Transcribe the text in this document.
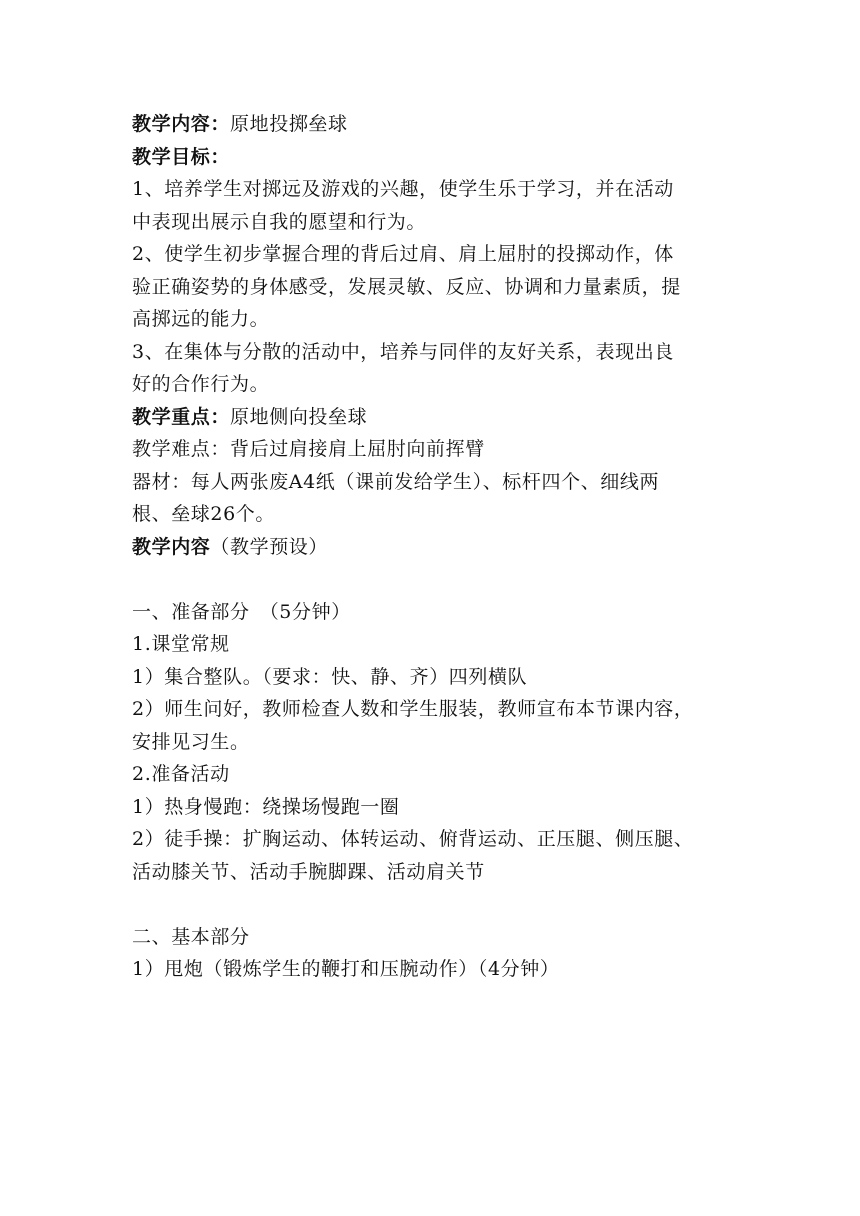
教学内容：原地投掷垒球
教学目标：
1、培养学生对掷远及游戏的兴趣，使学生乐于学习，并在活动
中表现出展示自我的愿望和行为。
2、使学生初步掌握合理的背后过肩、肩上屈肘的投掷动作，体
验正确姿势的身体感受，发展灵敏、反应、协调和力量素质，提
高掷远的能力。
3、在集体与分散的活动中，培养与同伴的友好关系，表现出良
好的合作行为。
教学重点：原地侧向投垒球
教学难点：背后过肩接肩上屈肘向前挥臂
器材：每人两张废A4纸（课前发给学生）、标杆四个、细线两
根、垒球26个。
教学内容（教学预设）
一、准备部分　（5分钟）
1.课堂常规
1）集合整队。（要求：快、静、齐）四列横队
2）师生问好，教师检查人数和学生服装，教师宣布本节课内容，
安排见习生。
2.准备活动
1）热身慢跑：绕操场慢跑一圈
2）徒手操：扩胸运动、体转运动、俯背运动、正压腿、侧压腿、
活动膝关节、活动手腕脚踝、活动肩关节
二、基本部分
1）甩炮（锻炼学生的鞭打和压腕动作）（4分钟）
